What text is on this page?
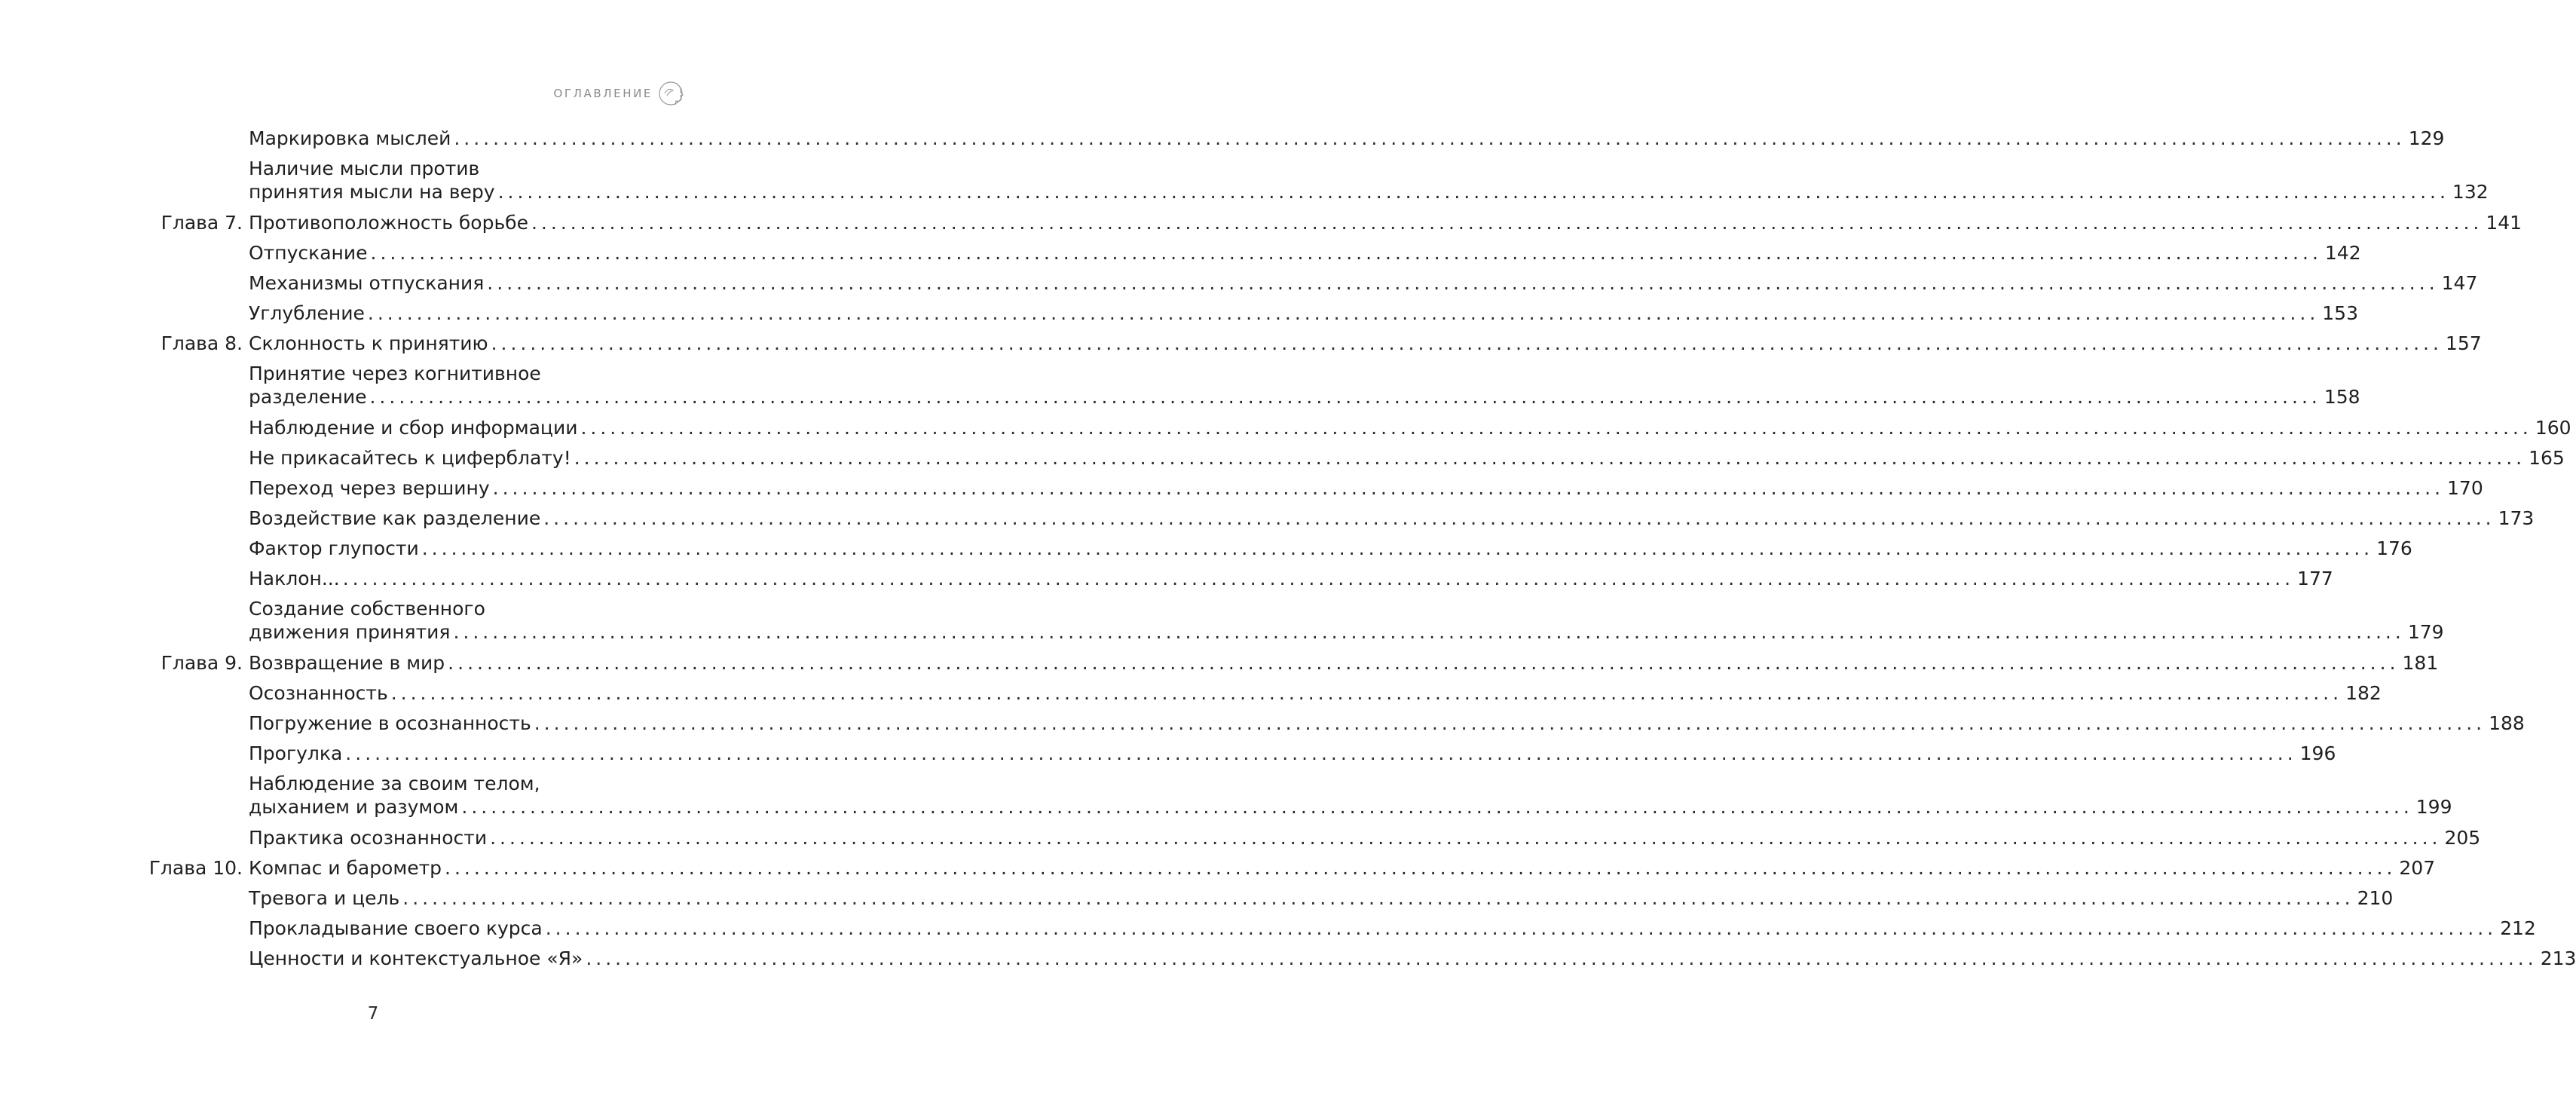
ОГЛАВЛЕНИЕ
Маркировка мыслей ........................................................................................................................................................................................................ 129
Наличие мысли против
принятия мысли на веру ........................................................................................................................................................................................................ 132
Глава 7. Противоположность борьбе ........................................................................................................................................................................................................ 141
Отпускание ........................................................................................................................................................................................................ 142
Механизмы отпускания ........................................................................................................................................................................................................ 147
Углубление ........................................................................................................................................................................................................ 153
Глава 8. Склонность к принятию ........................................................................................................................................................................................................ 157
Принятие через когнитивное
разделение ........................................................................................................................................................................................................ 158
Наблюдение и сбор информации ........................................................................................................................................................................................................ 160
Не прикасайтесь к циферблату! ........................................................................................................................................................................................................ 165
Переход через вершину ........................................................................................................................................................................................................ 170
Воздействие как разделение ........................................................................................................................................................................................................ 173
Фактор глупости ........................................................................................................................................................................................................ 176
Наклон... ........................................................................................................................................................................................................ 177
Создание собственного
движения принятия ........................................................................................................................................................................................................ 179
Глава 9. Возвращение в мир ........................................................................................................................................................................................................ 181
Осознанность ........................................................................................................................................................................................................ 182
Погружение в осознанность ........................................................................................................................................................................................................ 188
Прогулка ........................................................................................................................................................................................................ 196
Наблюдение за своим телом,
дыханием и разумом ........................................................................................................................................................................................................ 199
Практика осознанности ........................................................................................................................................................................................................ 205
Глава 10. Компас и барометр ........................................................................................................................................................................................................ 207
Тревога и цель ........................................................................................................................................................................................................ 210
Прокладывание своего курса ........................................................................................................................................................................................................ 212
Ценности и контекстуальное «Я» ........................................................................................................................................................................................................ 213
7
